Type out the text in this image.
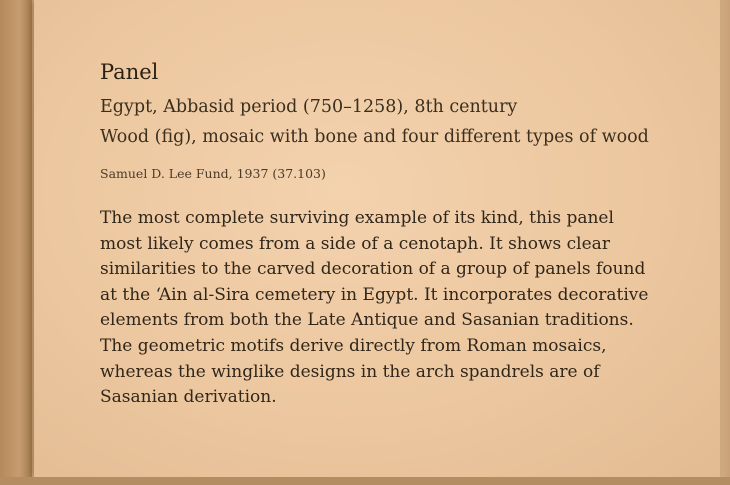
Panel
Egypt, Abbasid period (750–1258), 8th century
Wood (fig), mosaic with bone and four different types of wood
Samuel D. Lee Fund, 1937 (37.103)

The most complete surviving example of its kind, this panel

most likely comes from a side of a cenotaph. It shows clear

similarities to the carved decoration of a group of panels found

at the ‘Ain al-Sira cemetery in Egypt. It incorporates decorative

elements from both the Late Antique and Sasanian traditions.

The geometric motifs derive directly from Roman mosaics,

whereas the winglike designs in the arch spandrels are of

Sasanian derivation.
